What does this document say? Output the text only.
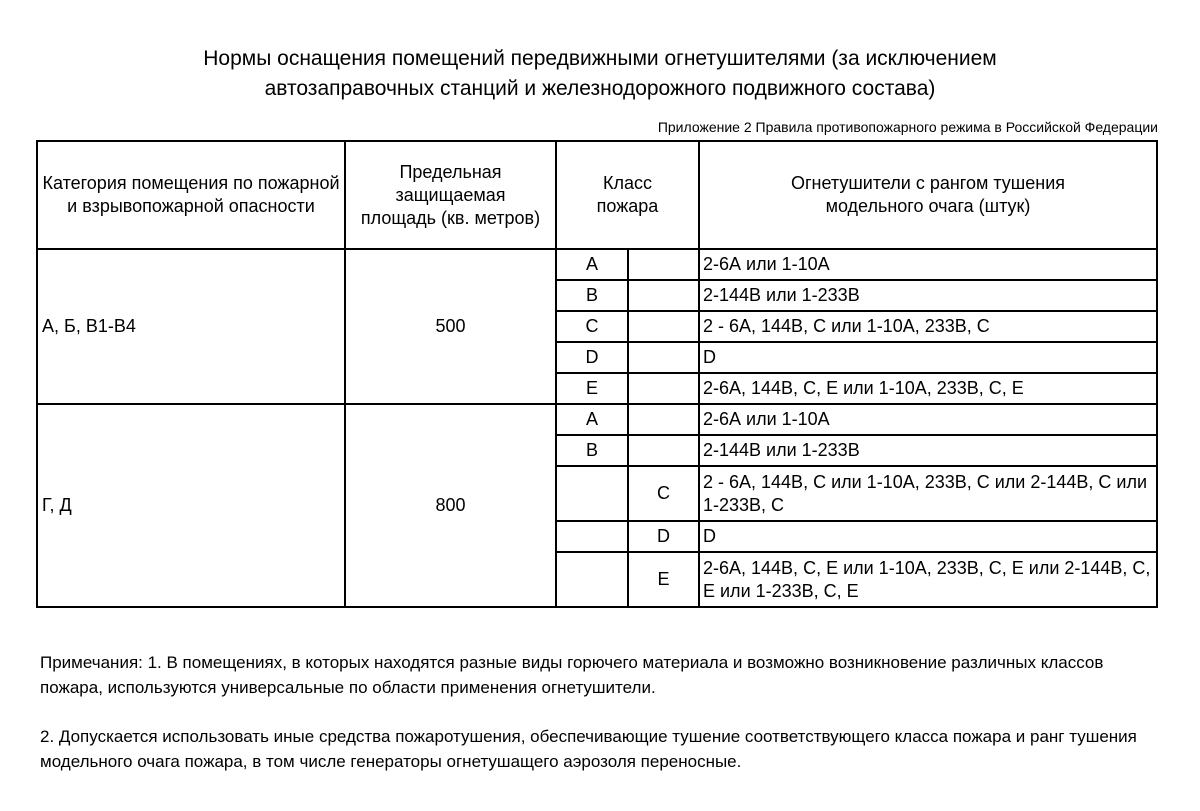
Нормы оснащения помещений передвижными огнетушителями (за исключением
автозаправочных станций и железнодорожного подвижного состава)
Приложение 2 Правила противопожарного режима в Российской Федерации
Категория помещения по пожарной и взрывопожарной опасности	Предельная защищаемая площадь (кв. метров)	Класс пожара		Огнетушители с рангом тушения модельного очага (штук)
А, Б, В1-В4	500	А		2-6А или 1-10А
		В		2-144В или 1-233В
		С		2 - 6А, 144В, С или 1-10А, 233В, С
		D		D
		Е		2-6А, 144В, С, Е или 1-10А, 233В, С, Е
Г, Д	800	А		2-6А или 1-10А
		В		2-144В или 1-233В
			С	2 - 6А, 144В, С или 1-10А, 233В, С или 2-144В, С или 1-233В, С
			D	D
			Е	2-6А, 144В, С, Е или 1-10А, 233В, С, Е или 2-144В, С, Е или 1-233В, С, Е
Примечания: 1. В помещениях, в которых находятся разные виды горючего материала и возможно возникновение различных классов пожара, используются универсальные по области применения огнетушители.
2. Допускается использовать иные средства пожаротушения, обеспечивающие тушение соответствующего класса пожара и ранг тушения модельного очага пожара, в том числе генераторы огнетушащего аэрозоля переносные.
